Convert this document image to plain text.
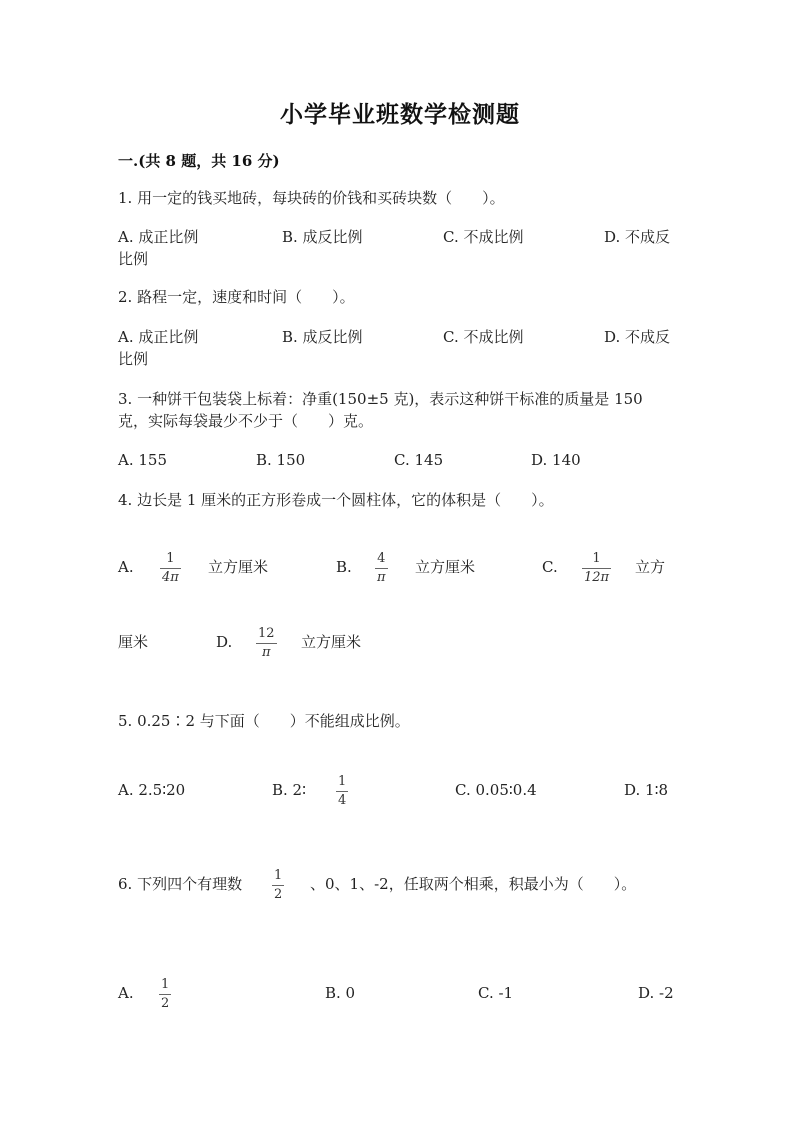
小学毕业班数学检测题
一.(共 8 题，共 16 分)
1. 用一定的钱买地砖，每块砖的价钱和买砖块数（　　）。
A. 成正比例	B. 成反比例	C. 不成比例	D. 不成反
比例
2. 路程一定，速度和时间（　　）。
A. 成正比例	B. 成反比例	C. 不成比例	D. 不成反
比例
3. 一种饼干包装袋上标着：净重(150±5 克)，表示这种饼干标准的质量是 150
克，实际每袋最少不少于（　　）克。
A. 155	B. 150	C. 145	D. 140
4. 边长是 1 厘米的正方形卷成一个圆柱体，它的体积是（　　）。
A.	1
4π
立方厘米	B. 4
π
立方厘米	C.	1
12π
立方
厘米	D. 12
π
立方厘米
5. 0.25∶2 与下面（　　）不能组成比例。
A. 2.5∶20	B. 2∶ 1
4
C. 0.05∶0.4	D. 1∶8
6. 下列四个有理数 1
2
、0、1、-2，任取两个相乘，积最小为（　　）。
A. 1
2
B. 0	C. -1	D. -2
